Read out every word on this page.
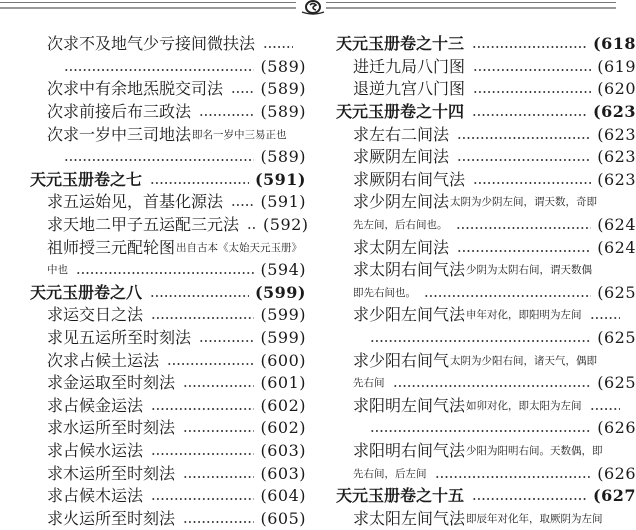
次求不及地气少亏接间微扶法
(589)
次求中有余地炁脱交司法 (589)
次求前接后布三政法	(589)
次求一岁中三司地法 即名一岁中三易正也
(589)
天元玉册卷之七	(591)
求五运始见，首基化源法 (591)
求天地二甲子五运配三元法 (592)
祖师授三元配轮图 出自古本《太始天元玉册》
中也	(594)
天元玉册卷之八	(599)
求运交日之法	(599)
求见五运所至时刻法	(599)
次求占候土运法	(600)
求金运取至时刻法	(601)
求占候金运法	(602)
求水运所至时刻法	(602)
求占候水运法	(603)
求木运所至时刻法	(603)
求占候木运法	(604)
求火运所至时刻法	(605)
天元玉册卷之十三	(618
进迁九局八门图	(619
退逆九宫八门图	(620
天元玉册卷之十四	(623
求左右二间法	(623
求厥阴左间法	(623
求厥阴右间气法	(623
求少阴左间法 太阴为少阴左间，谓天数，奇即
先左间，后右间也。	(624
求太阴左间法	(624
求太阴右间气法 少阴为太阴右间，谓天数偶
即先右间也。	(625
求少阳左间气法 申年对化，即阳明为左间
(625
求少阳右间气 太阴为少阳右间，诸天气，偶即
先右间	(625
求阳明左间气法 如卯对化，即太阳为左间
(626
求阳明右间气法 少阳为阳明右间。天数偶，即
先右间，后左间	(626
天元玉册卷之十五	(627
求太阳左间气法 即辰年对化年，取厥阴为左间
